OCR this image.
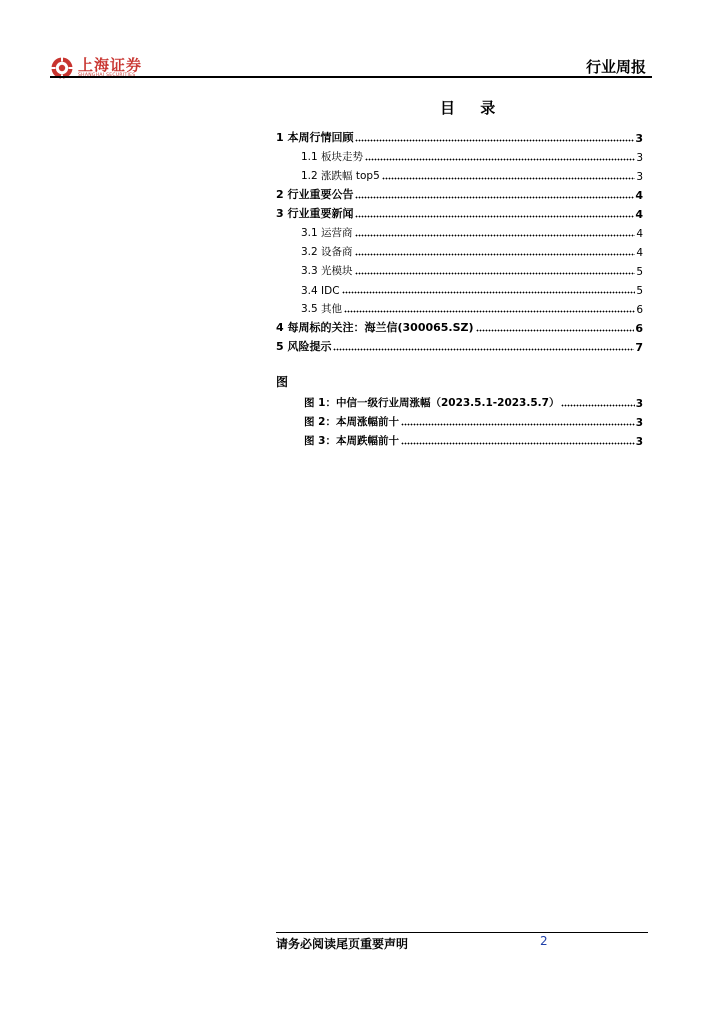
上海证券
SHANGHAI SECURITIES	行业周报
目 录
1 本周行情回顾	3
1.1 板块走势	3
1.2 涨跌幅 top5	3
2 行业重要公告	4
3 行业重要新闻	4
3.1 运营商	4
3.2 设备商	4
3.3 光模块	5
3.4 IDC	5
3.5 其他	6
4 每周标的关注：海兰信(300065.SZ)	6
5 风险提示	7
图
图 1：中信一级行业周涨幅（2023.5.1-2023.5.7）	3
图 2：本周涨幅前十	3
图 3：本周跌幅前十	3
请务必阅读尾页重要声明	2
